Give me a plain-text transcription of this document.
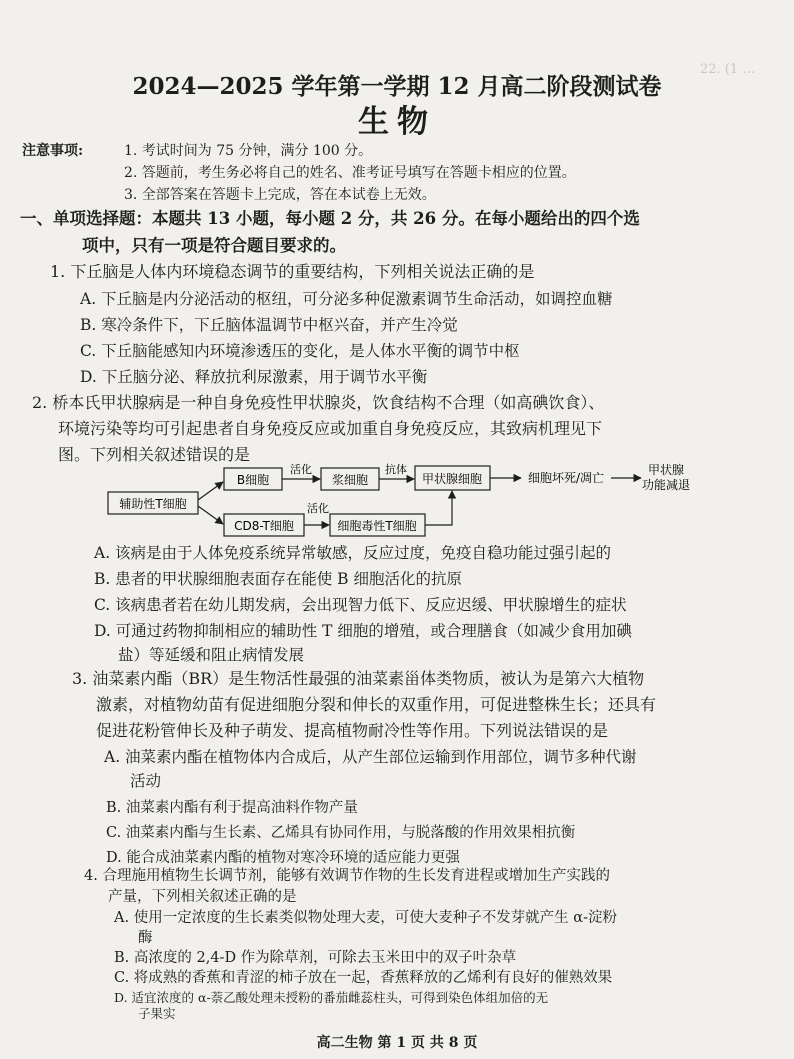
22. (1 …
2024—2025 学年第一学期 12 月高二阶段测试卷
生物
注意事项:	1. 考试时间为 75 分钟，满分 100 分。
2. 答题前，考生务必将自己的姓名、准考证号填写在答题卡相应的位置。
3. 全部答案在答题卡上完成，答在本试卷上无效。
一、单项选择题：本题共 13 小题，每小题 2 分，共 26 分。在每小题给出的四个选
项中，只有一项是符合题目要求的。
1. 下丘脑是人体内环境稳态调节的重要结构，下列相关说法正确的是
A. 下丘脑是内分泌活动的枢纽，可分泌多种促激素调节生命活动，如调控血糖
B. 寒冷条件下，下丘脑体温调节中枢兴奋，并产生冷觉
C. 下丘脑能感知内环境渗透压的变化，是人体水平衡的调节中枢
D. 下丘脑分泌、释放抗利尿激素，用于调节水平衡
2. 桥本氏甲状腺病是一种自身免疫性甲状腺炎，饮食结构不合理（如高碘饮食）、
环境污染等均可引起患者自身免疫反应或加重自身免疫反应，其致病机理见下
图。下列相关叙述错误的是
辅助性T细胞
B细胞
活化
浆细胞
抗体
甲状腺细胞	细胞坏死/凋亡
甲状腺
功能减退
CD8-T细胞
活化
细胞毒性T细胞
A. 该病是由于人体免疫系统异常敏感，反应过度，免疫自稳功能过强引起的
B. 患者的甲状腺细胞表面存在能使 B 细胞活化的抗原
C. 该病患者若在幼儿期发病，会出现智力低下、反应迟缓、甲状腺增生的症状
D. 可通过药物抑制相应的辅助性 T 细胞的增殖，或合理膳食（如减少食用加碘
盐）等延缓和阻止病情发展
3. 油菜素内酯（BR）是生物活性最强的油菜素甾体类物质，被认为是第六大植物
激素，对植物幼苗有促进细胞分裂和伸长的双重作用，可促进整株生长；还具有
促进花粉管伸长及种子萌发、提高植物耐冷性等作用。下列说法错误的是
A. 油菜素内酯在植物体内合成后，从产生部位运输到作用部位，调节多种代谢
活动
B. 油菜素内酯有利于提高油料作物产量
C. 油菜素内酯与生长素、乙烯具有协同作用，与脱落酸的作用效果相抗衡
D. 能合成油菜素内酯的植物对寒冷环境的适应能力更强
4. 合理施用植物生长调节剂，能够有效调节作物的生长发育进程或增加生产实践的
产量，下列相关叙述正确的是
A. 使用一定浓度的生长素类似物处理大麦，可使大麦种子不发芽就产生 α-淀粉
酶
B. 高浓度的 2,4-D 作为除草剂，可除去玉米田中的双子叶杂草
C. 将成熟的香蕉和青涩的柿子放在一起，香蕉释放的乙烯利有良好的催熟效果
高二生物 第 1 页 共 8 页
D. 适宜浓度的 α-萘乙酸处理未授粉的番茄雌蕊柱头，可得到染色体组加倍的无
子果实
